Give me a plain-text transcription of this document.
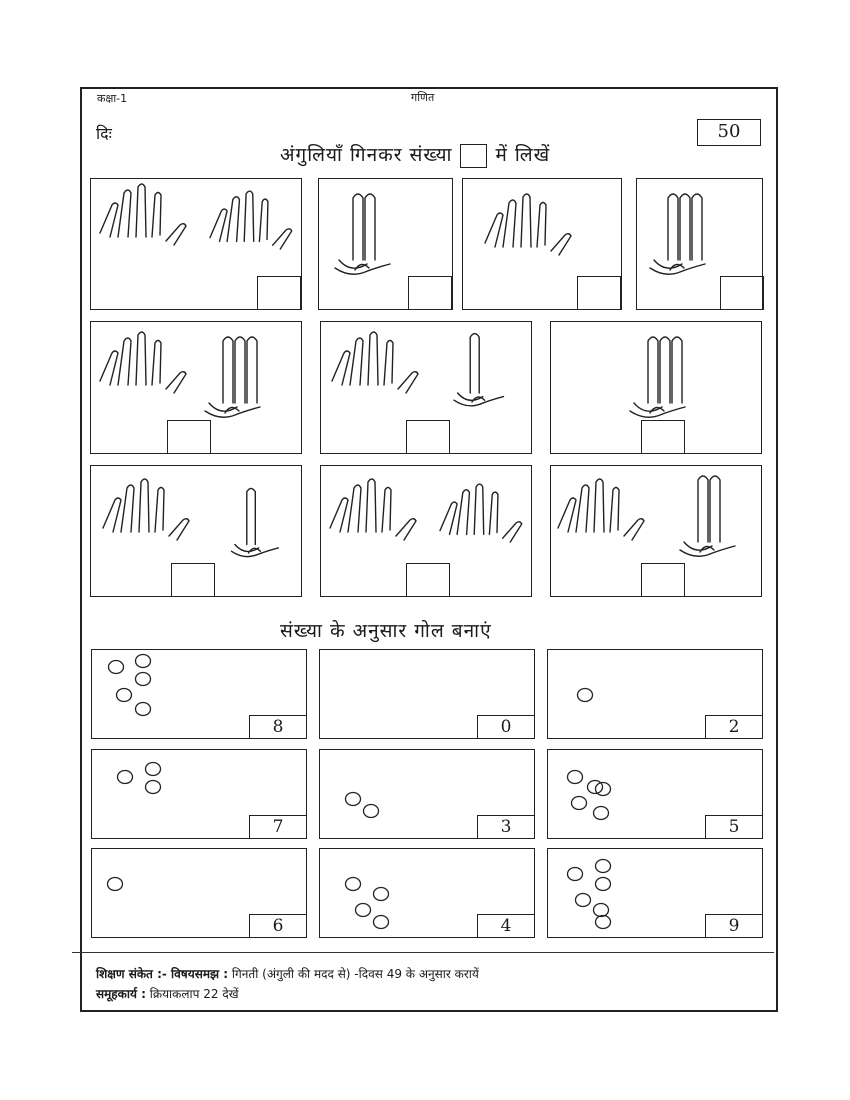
कक्षा-1	गणित
दिः	50
अंगुलियाँ गिनकर संख्या में लिखें
संख्या के अनुसार गोल बनाएं
8	0	2
7	3	5
6	4	9
शिक्षण संकेत :- विषयसमझ : गिनती (अंगुली की मदद से) -दिवस 49 के अनुसार करायें
समूहकार्य : क्रियाकलाप 22 देखें
